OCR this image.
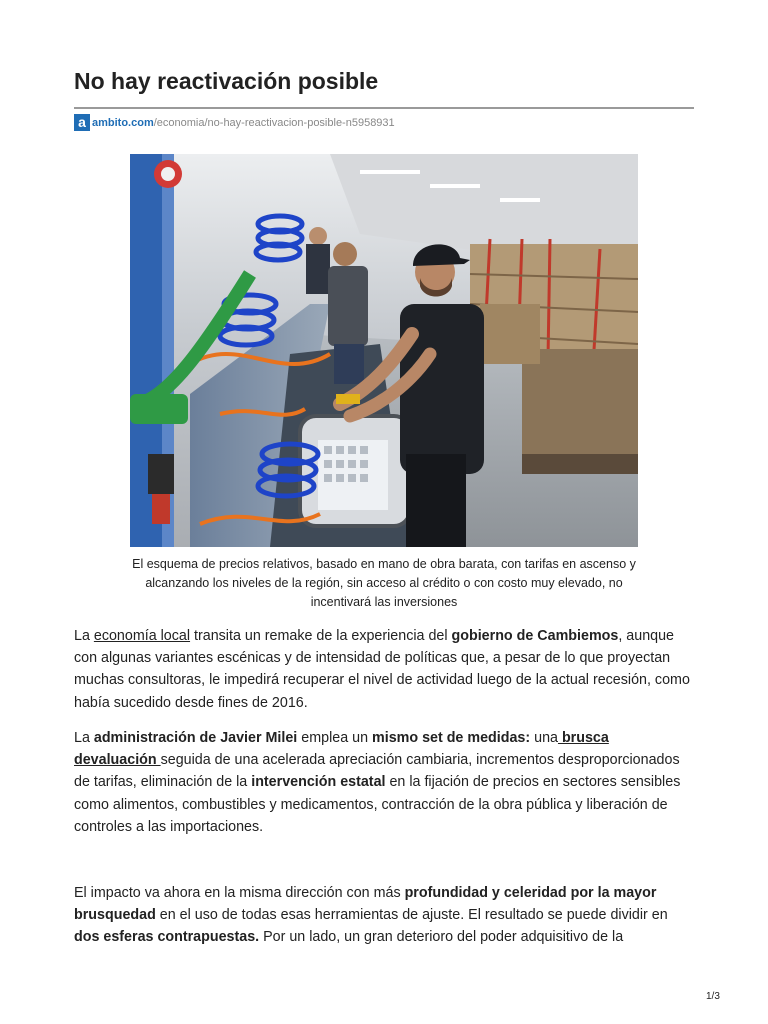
No hay reactivación posible
a ambito.com /economia/no-hay-reactivacion-posible-n5958931
El esquema de precios relativos, basado en mano de obra barata, con tarifas en ascenso y alcanzando los niveles de la región, sin acceso al crédito o con costo muy elevado, no incentivará las inversiones

La economía local transita un remake de la experiencia del gobierno de Cambiemos, aunque con algunas variantes escénicas y de intensidad de políticas que, a pesar de lo que proyectan muchas consultoras, le impedirá recuperar el nivel de actividad luego de la actual recesión, como había sucedido desde fines de 2016.

La administración de Javier Milei emplea un mismo set de medidas: una brusca devaluación seguida de una acelerada apreciación cambiaria, incrementos desproporcionados de tarifas, eliminación de la intervención estatal en la fijación de precios en sectores sensibles como alimentos, combustibles y medicamentos, contracción de la obra pública y liberación de controles a las importaciones.

El impacto va ahora en la misma dirección con más profundidad y celeridad por la mayor brusquedad en el uso de todas esas herramientas de ajuste. El resultado se puede dividir en dos esferas contrapuestas. Por un lado, un gran deterioro del poder adquisitivo de la

1/3
